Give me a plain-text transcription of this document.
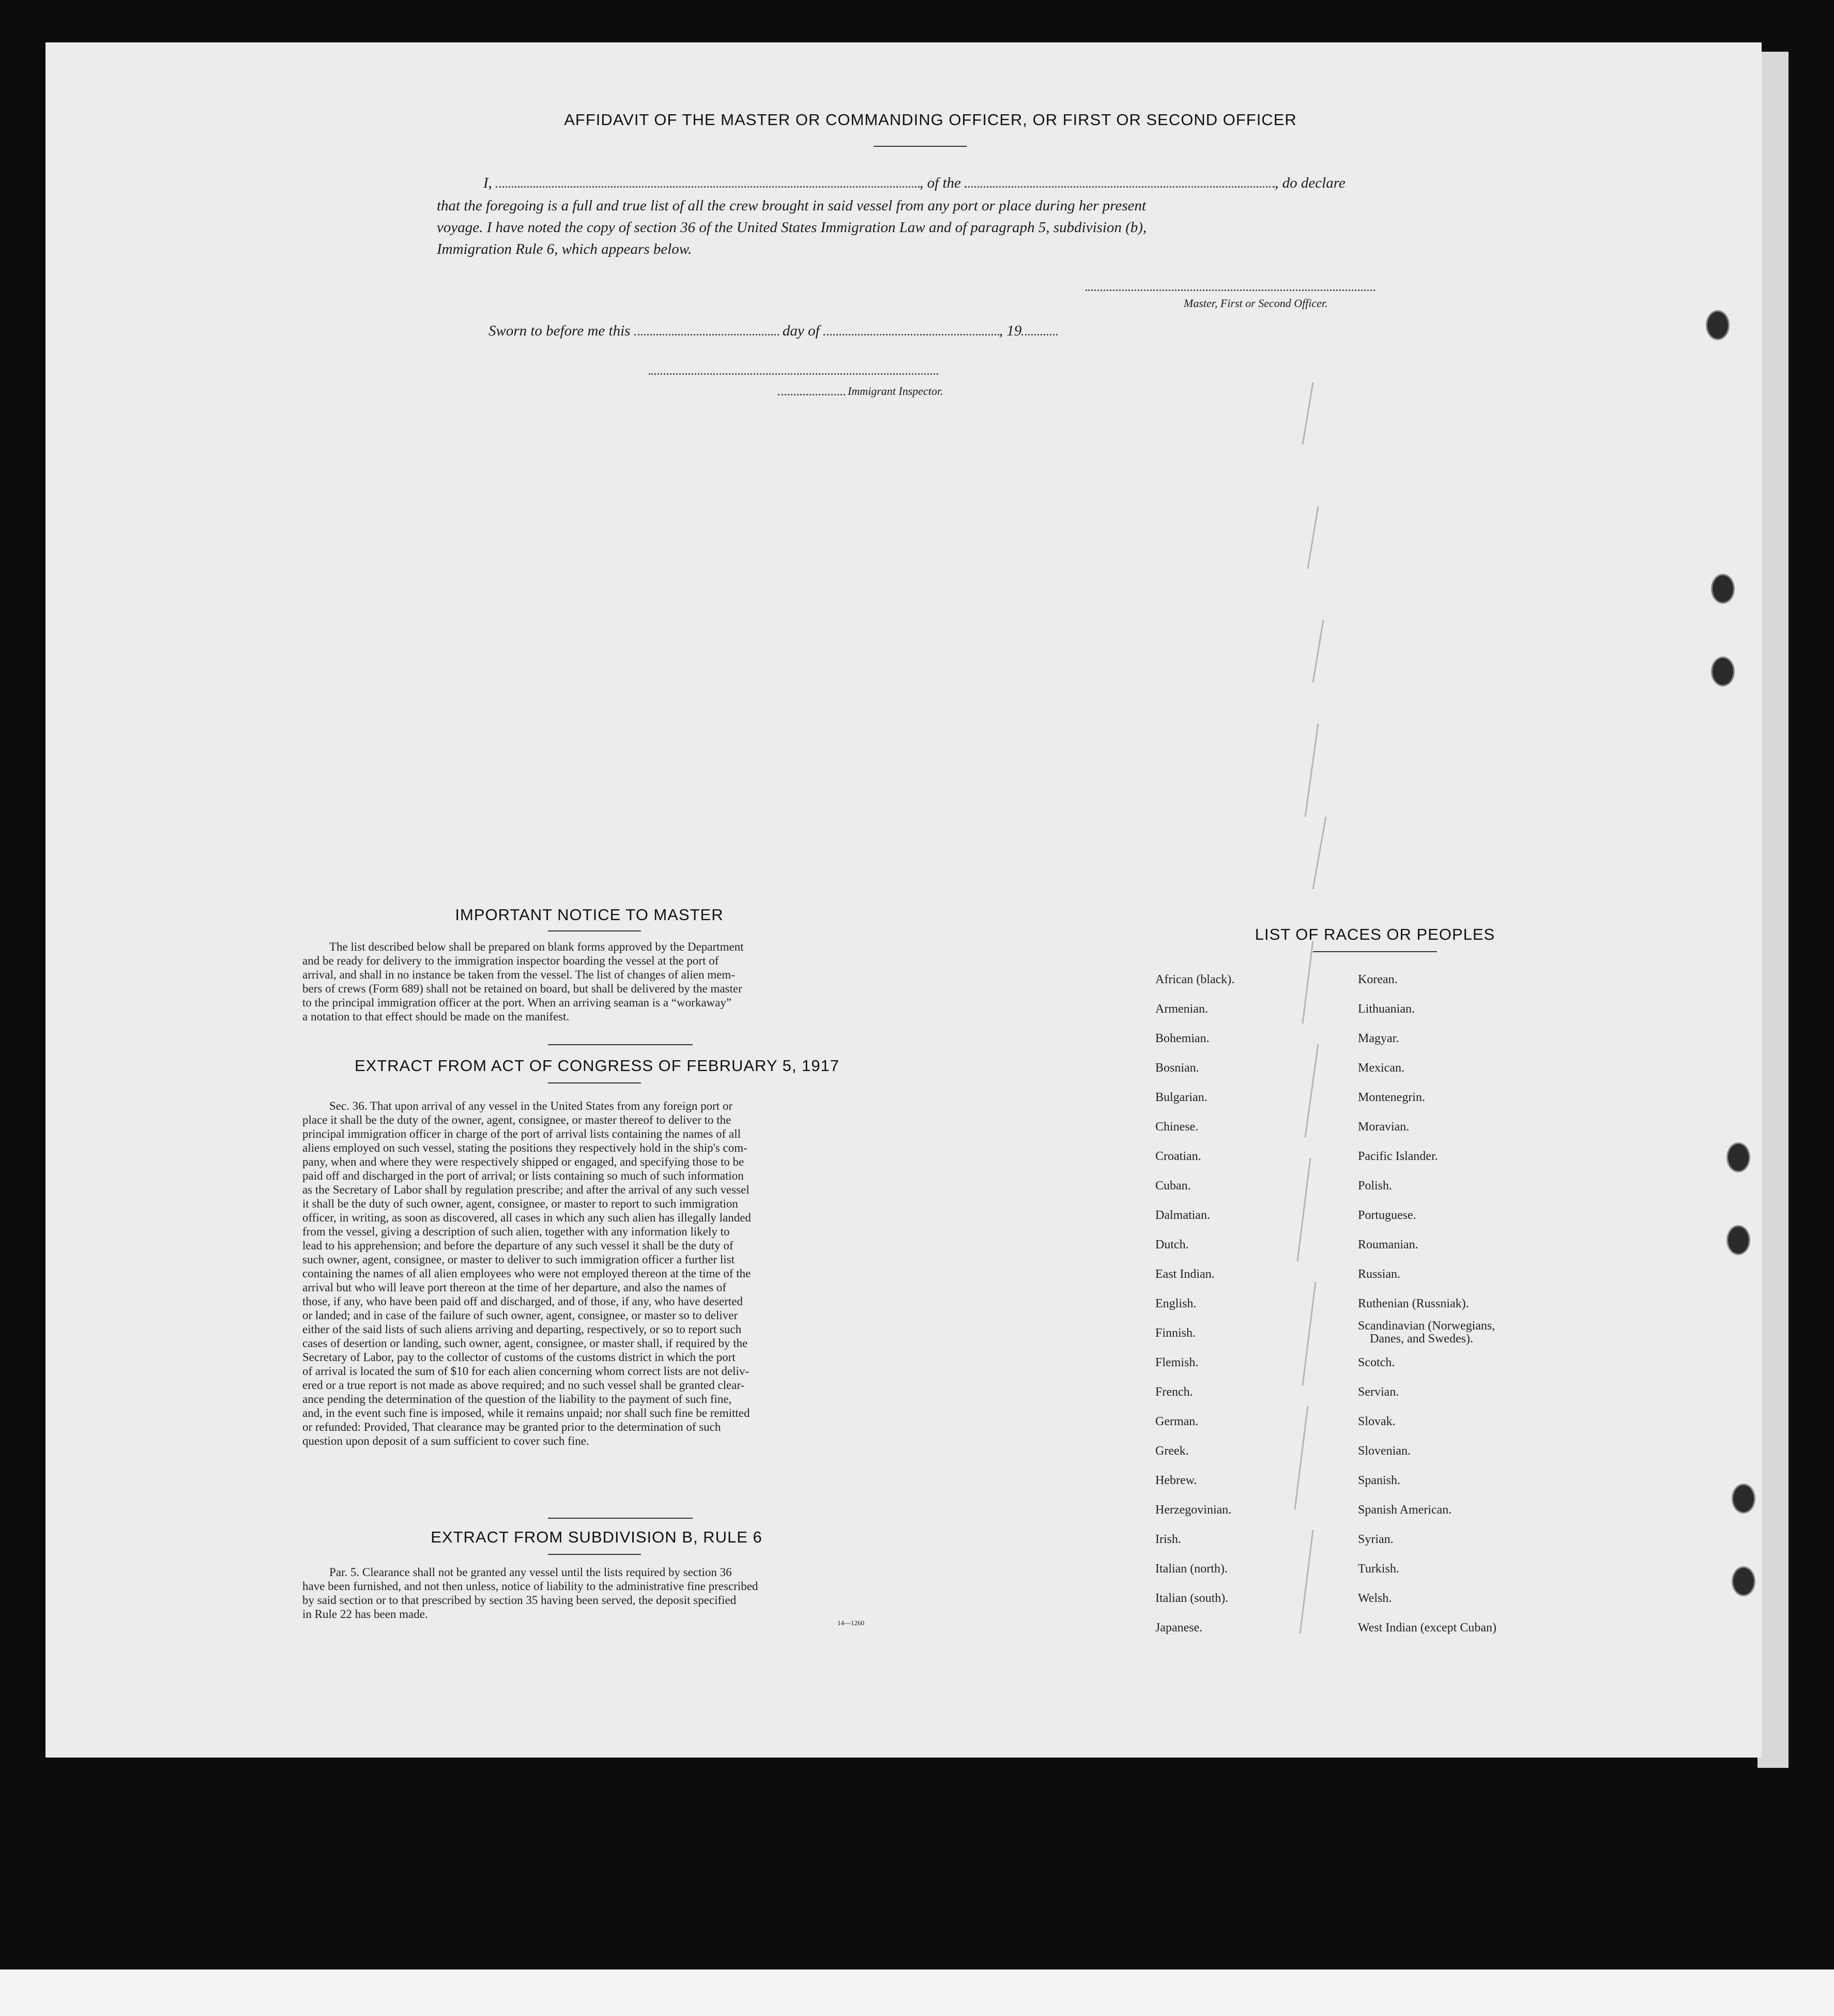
AFFIDAVIT OF THE MASTER OR COMMANDING OFFICER, OR FIRST OR SECOND OFFICER
I,	, of the	, do declare
that the foregoing is a full and true list of all the crew brought in said vessel from any port or place during her present
voyage. I have noted the copy of section 36 of the United States Immigration Law and of paragraph 5, subdivision (b),
Immigration Rule 6, which appears below.
Master, First or Second Officer.
Sworn to before me this	day of	, 19
Immigrant Inspector.
IMPORTANT NOTICE TO MASTER
The list described below shall be prepared on blank forms approved by the Department
and be ready for delivery to the immigration inspector boarding the vessel at the port of
arrival, and shall in no instance be taken from the vessel. The list of changes of alien mem-
bers of crews (Form 689) shall not be retained on board, but shall be delivered by the master
to the principal immigration officer at the port. When an arriving seaman is a “workaway”
a notation to that effect should be made on the manifest.
EXTRACT FROM ACT OF CONGRESS OF FEBRUARY 5, 1917
Sec. 36. That upon arrival of any vessel in the United States from any foreign port or
place it shall be the duty of the owner, agent, consignee, or master thereof to deliver to the
principal immigration officer in charge of the port of arrival lists containing the names of all
aliens employed on such vessel, stating the positions they respectively hold in the ship's com-
pany, when and where they were respectively shipped or engaged, and specifying those to be
paid off and discharged in the port of arrival; or lists containing so much of such information
as the Secretary of Labor shall by regulation prescribe; and after the arrival of any such vessel
it shall be the duty of such owner, agent, consignee, or master to report to such immigration
officer, in writing, as soon as discovered, all cases in which any such alien has illegally landed
from the vessel, giving a description of such alien, together with any information likely to
lead to his apprehension; and before the departure of any such vessel it shall be the duty of
such owner, agent, consignee, or master to deliver to such immigration officer a further list
containing the names of all alien employees who were not employed thereon at the time of the
arrival but who will leave port thereon at the time of her departure, and also the names of
those, if any, who have been paid off and discharged, and of those, if any, who have deserted
or landed; and in case of the failure of such owner, agent, consignee, or master so to deliver
either of the said lists of such aliens arriving and departing, respectively, or so to report such
cases of desertion or landing, such owner, agent, consignee, or master shall, if required by the
Secretary of Labor, pay to the collector of customs of the customs district in which the port
of arrival is located the sum of $10 for each alien concerning whom correct lists are not deliv-
ered or a true report is not made as above required; and no such vessel shall be granted clear-
ance pending the determination of the question of the liability to the payment of such fine,
and, in the event such fine is imposed, while it remains unpaid; nor shall such fine be remitted
or refunded: Provided, That clearance may be granted prior to the determination of such
question upon deposit of a sum sufficient to cover such fine.
EXTRACT FROM SUBDIVISION B, RULE 6
Par. 5. Clearance shall not be granted any vessel until the lists required by section 36
have been furnished, and not then unless, notice of liability to the administrative fine prescribed
by said section or to that prescribed by section 35 having been served, the deposit specified
in Rule 22 has been made.
14—1260
LIST OF RACES OR PEOPLES
African (black).
Armenian.
Bohemian.
Bosnian.
Bulgarian.
Chinese.
Croatian.
Cuban.
Dalmatian.
Dutch.
East Indian.
English.
Finnish.
Flemish.
French.
German.
Greek.
Hebrew.
Herzegovinian.
Irish.
Italian (north).
Italian (south).
Japanese.
Korean.
Lithuanian.
Magyar.
Mexican.
Montenegrin.
Moravian.
Pacific Islander.
Polish.
Portuguese.
Roumanian.
Russian.
Ruthenian (Russniak).
Scandinavian (Norwegians,
Danes, and Swedes).
Scotch.
Servian.
Slovak.
Slovenian.
Spanish.
Spanish American.
Syrian.
Turkish.
Welsh.
West Indian (except Cuban)
